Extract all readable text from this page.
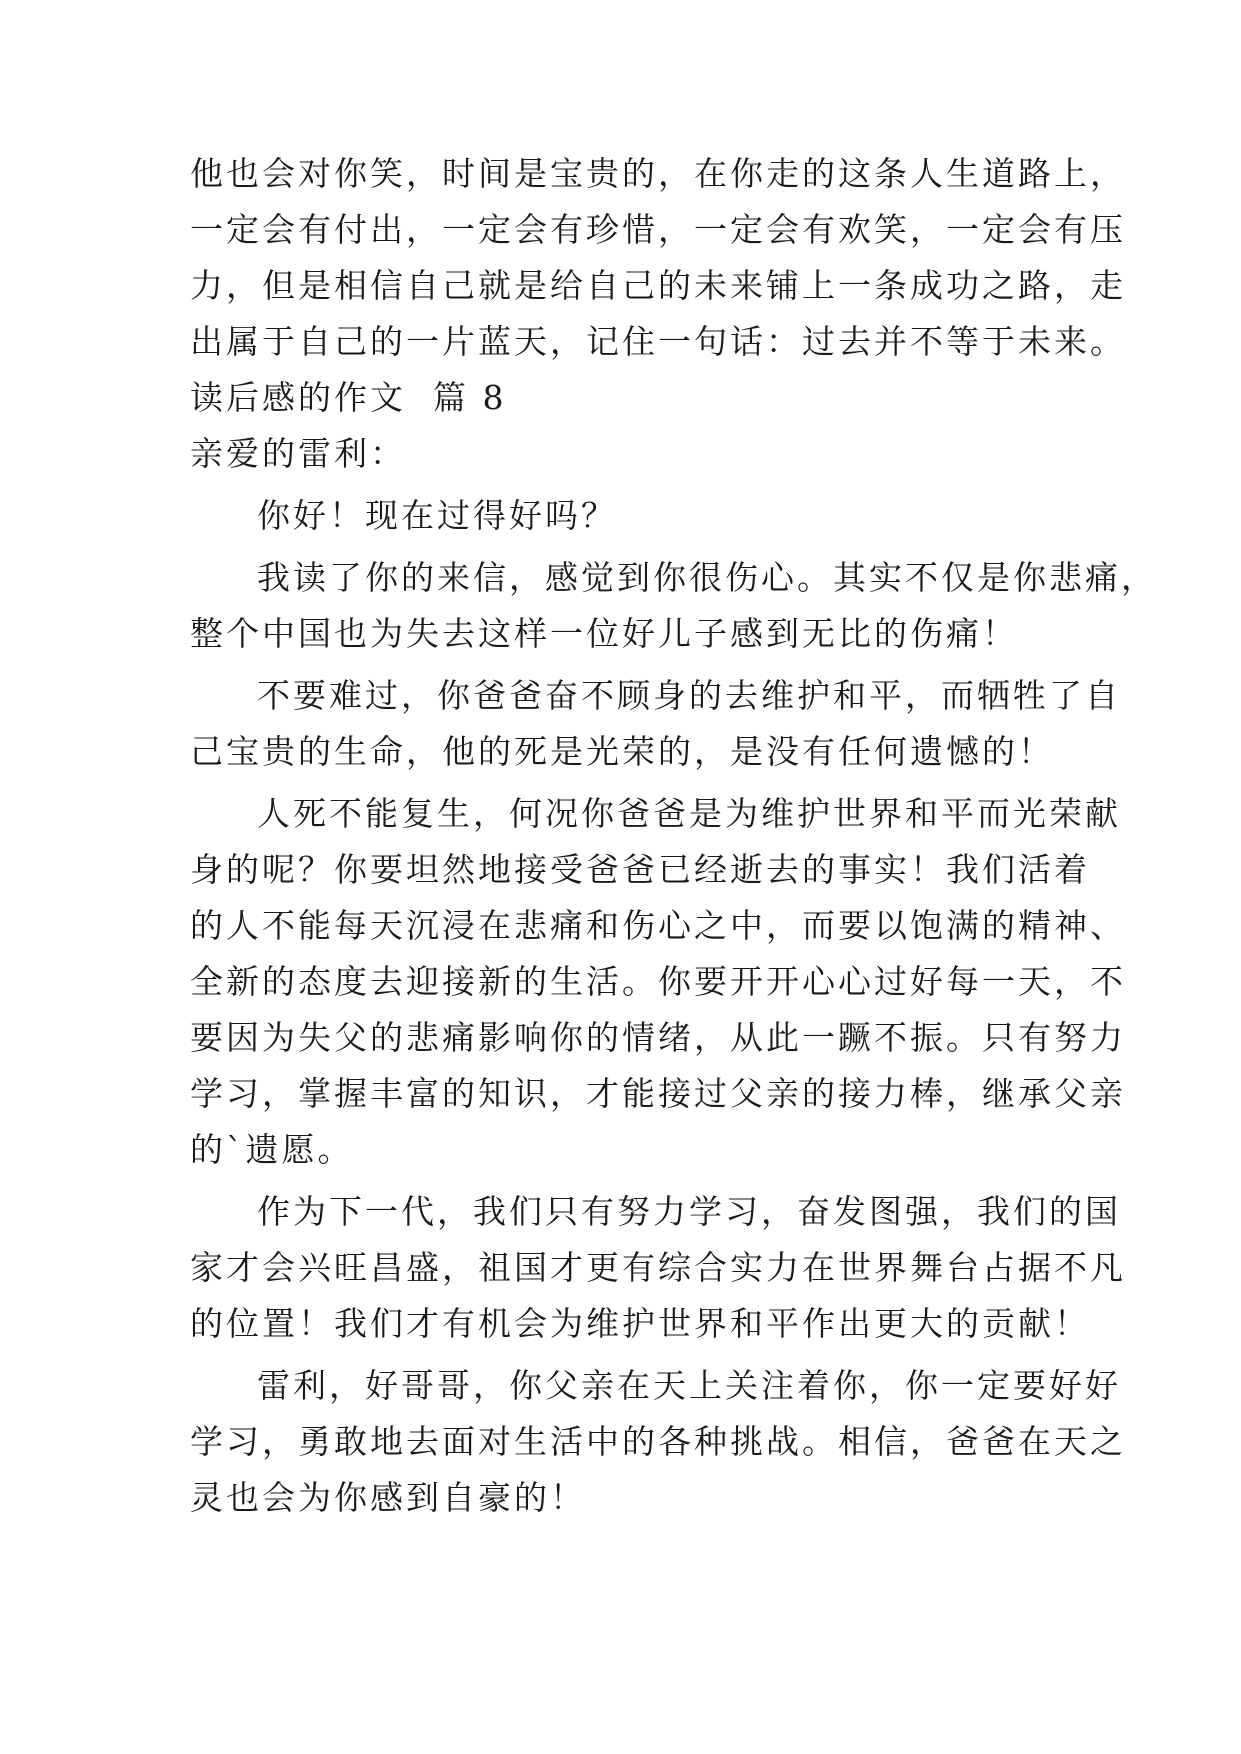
他也会对你笑，时间是宝贵的，在你走的这条人生道路上，
一定会有付出，一定会有珍惜，一定会有欢笑，一定会有压
力，但是相信自己就是给自己的未来铺上一条成功之路，走
出属于自己的一片蓝天，记住一句话：过去并不等于未来。
读后感的作文  篇 8
亲爱的雷利：
你好！现在过得好吗？
我读了你的来信，感觉到你很伤心。其实不仅是你悲痛，
整个中国也为失去这样一位好儿子感到无比的伤痛！
不要难过，你爸爸奋不顾身的去维护和平，而牺牲了自
己宝贵的生命，他的死是光荣的，是没有任何遗憾的！
人死不能复生，何况你爸爸是为维护世界和平而光荣献
身的呢？你要坦然地接受爸爸已经逝去的事实！我们活着
的人不能每天沉浸在悲痛和伤心之中，而要以饱满的精神、
全新的态度去迎接新的生活。你要开开心心过好每一天，不
要因为失父的悲痛影响你的情绪，从此一蹶不振。只有努力
学习，掌握丰富的知识，才能接过父亲的接力棒，继承父亲
的`遗愿。
作为下一代，我们只有努力学习，奋发图强，我们的国
家才会兴旺昌盛，祖国才更有综合实力在世界舞台占据不凡
的位置！我们才有机会为维护世界和平作出更大的贡献！
雷利，好哥哥，你父亲在天上关注着你，你一定要好好
学习，勇敢地去面对生活中的各种挑战。相信，爸爸在天之
灵也会为你感到自豪的！
